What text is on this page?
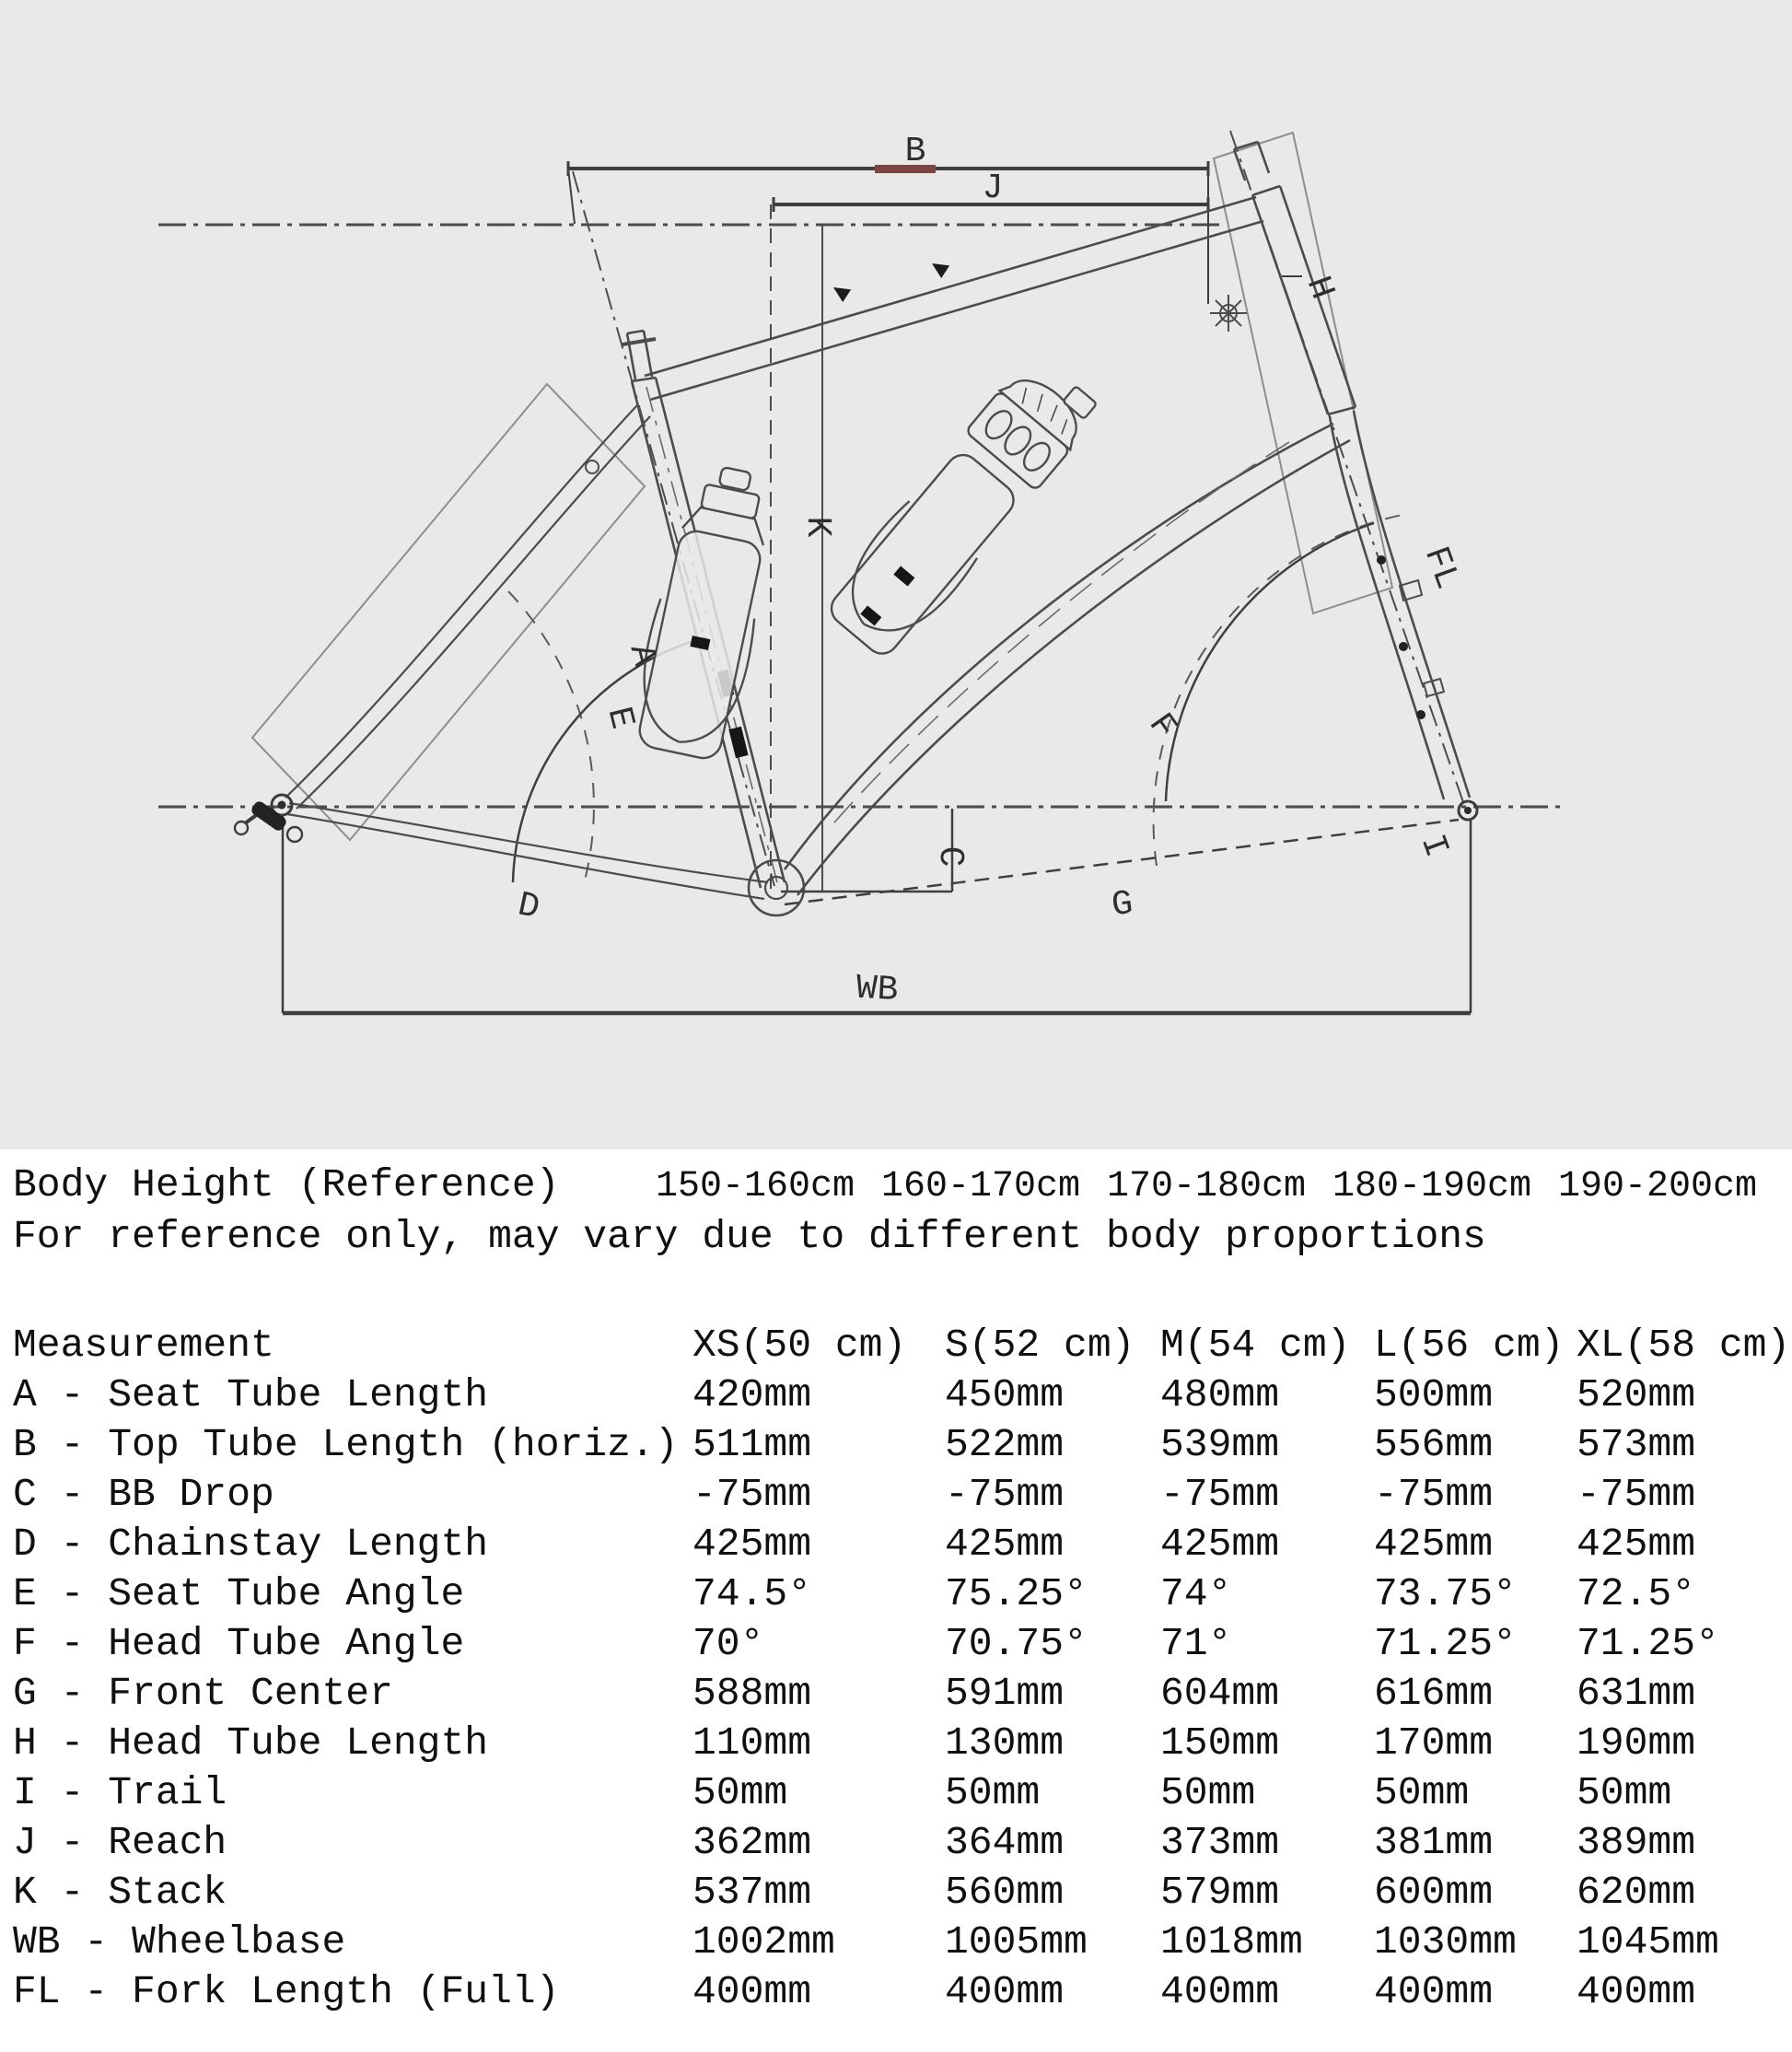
B
J
H
K
A
E	F
FL
C
D	G
I
WB
Body Height (Reference)	150-160cm 160-170cm 170-180cm 180-190cm 190-200cm
For reference only, may vary due to different body proportions
Measurement	XS(50 cm) S(52 cm) M(54 cm) L(56 cm) XL(58 cm)
A - Seat Tube Length	420mm	450mm 480mm 500mm 520mm
B - Top Tube Length (horiz.) 511mm	522mm 539mm 556mm 573mm
C - BB Drop	-75mm	-75mm -75mm -75mm -75mm
D - Chainstay Length	425mm	425mm 425mm 425mm 425mm
E - Seat Tube Angle	74.5°	75.25° 74°	73.75° 72.5°
F - Head Tube Angle	70°	70.75° 71°	71.25° 71.25°
G - Front Center	588mm	591mm 604mm 616mm 631mm
H - Head Tube Length	110mm	130mm 150mm 170mm 190mm
I - Trail	50mm	50mm	50mm	50mm	50mm
J - Reach	362mm	364mm 373mm 381mm 389mm
K - Stack	537mm	560mm 579mm 600mm 620mm
WB - Wheelbase	1002mm	1005mm 1018mm 1030mm 1045mm
FL - Fork Length (Full)	400mm	400mm 400mm 400mm 400mm
